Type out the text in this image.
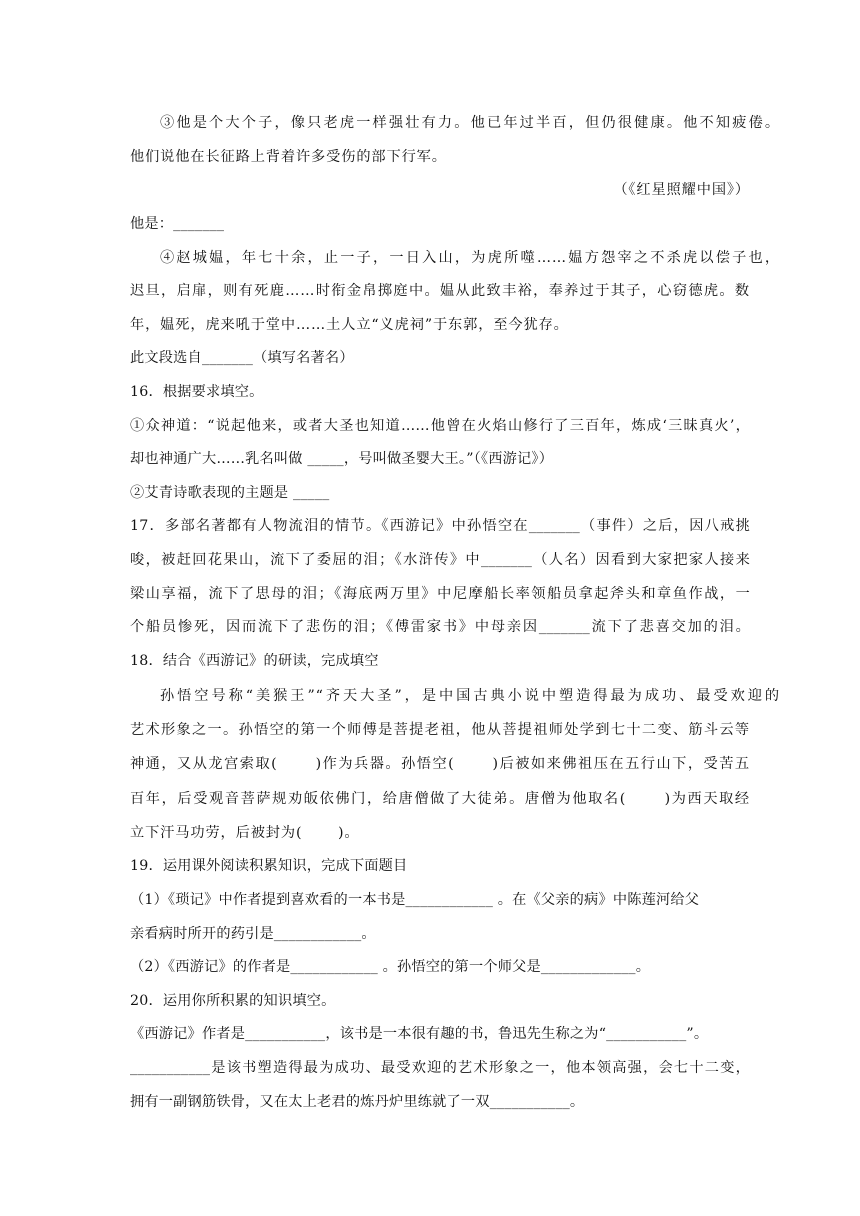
③他是个大个子，像只老虎一样强壮有力。他已年过半百，但仍很健康。他不知疲倦。
他们说他在长征路上背着许多受伤的部下行军。
（《红星照耀中国》）
他是：_______
④赵城媪，年七十余，止一子，一日入山，为虎所噬……媪方怨宰之不杀虎以偿子也，
迟旦，启扉，则有死鹿……时衔金帛掷庭中。媪从此致丰裕，奉养过于其子，心窃德虎。数
年，媪死，虎来吼于堂中……土人立“义虎祠”于东郭，至今犹存。
此文段选自_______（填写名著名）
16．根据要求填空。
①众神道：“说起他来，或者大圣也知道……他曾在火焰山修行了三百年，炼成‘三昧真火’，
却也神通广大……乳名叫做 _____，号叫做圣婴大王。”（《西游记》）
②艾青诗歌表现的主题是 _____
17．多部名著都有人物流泪的情节。《西游记》中孙悟空在_______（事件）之后，因八戒挑
唆，被赶回花果山，流下了委屈的泪；《水浒传》中_______（人名）因看到大家把家人接来
梁山享福，流下了思母的泪；《海底两万里》中尼摩船长率领船员拿起斧头和章鱼作战，一
个船员惨死，因而流下了悲伤的泪；《傅雷家书》中母亲因_______流下了悲喜交加的泪。
18．结合《西游记》的研读，完成填空
孙悟空号称“美猴王”“齐天大圣”，是中国古典小说中塑造得最为成功、最受欢迎的
艺术形象之一。孙悟空的第一个师傅是菩提老祖，他从菩提祖师处学到七十二变、筋斗云等
神通，又从龙宫索取(　　 )作为兵器。孙悟空(　　 )后被如来佛祖压在五行山下，受苦五
百年，后受观音菩萨规劝皈依佛门，给唐僧做了大徒弟。唐僧为他取名(　　 )为西天取经
立下汗马功劳，后被封为(　　 )。
19．运用课外阅读积累知识，完成下面题目
（1）《琐记》中作者提到喜欢看的一本书是____________ 。在《父亲的病》中陈莲河给父
亲看病时所开的药引是____________。
（2）《西游记》的作者是____________ 。孙悟空的第一个师父是_____________。
20．运用你所积累的知识填空。
《西游记》作者是___________，该书是一本很有趣的书，鲁迅先生称之为“___________”。
___________是该书塑造得最为成功、最受欢迎的艺术形象之一，他本领高强，会七十二变，
拥有一副钢筋铁骨，又在太上老君的炼丹炉里练就了一双___________。
